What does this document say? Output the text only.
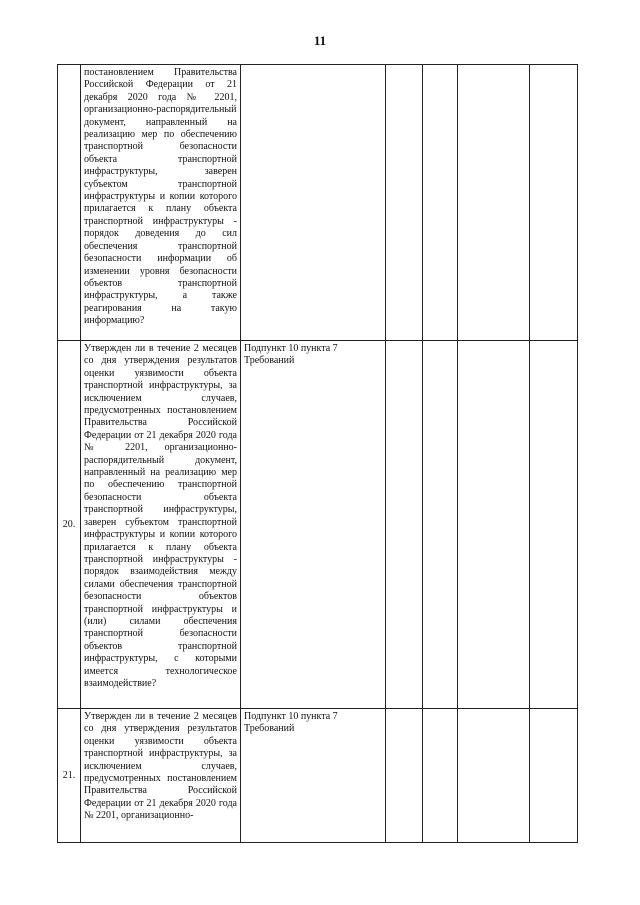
11
	постановлением Правительства Российской Федерации от 21 декабря 2020 года № 2201, организационно-распорядительный документ, направленный на реализацию мер по обеспечению транспортной безопасности объекта транспортной инфраструктуры, заверен субъектом транспортной инфраструктуры и копии которого прилагается к плану объекта транспортной инфраструктуры - порядок доведения до сил обеспечения транспортной безопасности информации об изменении уровня безопасности объектов транспортной инфраструктуры, а также реагирования на такую информацию?					
20.	Утвержден ли в течение 2 месяцев со дня утверждения результатов оценки уязвимости объекта транспортной инфраструктуры, за исключением случаев, предусмотренных постановлением Правительства Российской Федерации от 21 декабря 2020 года № 2201, организационно-распорядительный документ, направленный на реализацию мер по обеспечению транспортной безопасности объекта транспортной инфраструктуры, заверен субъектом транспортной инфраструктуры и копии которого прилагается к плану объекта транспортной инфраструктуры - порядок взаимодействия между силами обеспечения транспортной безопасности объектов транспортной инфраструктуры и (или) силами обеспечения транспортной безопасности объектов транспортной инфраструктуры, с которыми имеется технологическое взаимодействие?	Подпункт 10 пункта 7 Требований				
21.	Утвержден ли в течение 2 месяцев со дня утверждения результатов оценки уязвимости объекта транспортной инфраструктуры, за исключением случаев, предусмотренных постановлением Правительства Российской Федерации от 21 декабря 2020 года № 2201, организационно-	Подпункт 10 пункта 7 Требований				
